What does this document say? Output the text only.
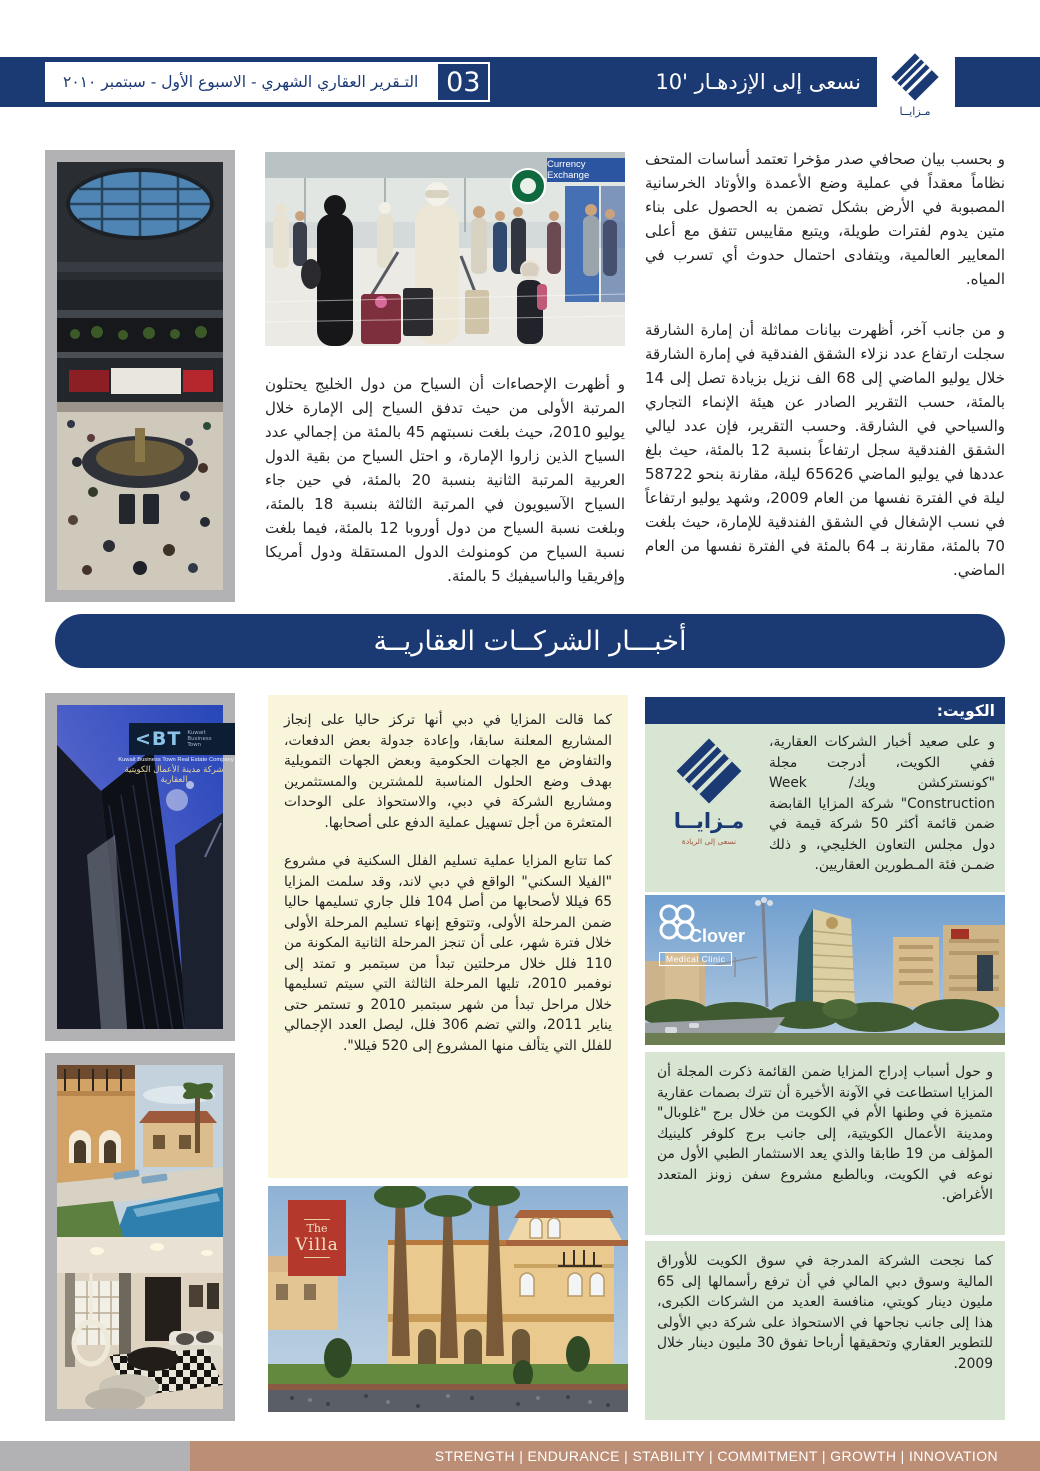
التـقرير العقاري الشهري - الاسبوع الأول - سبتمبر ٢٠١٠	03	نسعى إلى الإزدهـار '10
مـزايــا
Currency Exchange
و أظهرت الإحصاءات أن السياح من دول الخليج يحتلون المرتبة الأولى من حيث تدفق السياح إلى الإمارة خلال يوليو 2010، حيث بلغت نسبتهم 45 بالمئة من إجمالي عدد السياح الذين زاروا الإمارة، و احتل السياح من بقية الدول العربية المرتبة الثانية بنسبة 20 بالمئة، في حين جاء السياح الآسيويون في المرتبة الثالثة بنسبة 18 بالمئة، وبلغت نسبة السياح من دول أوروبا 12 بالمئة، فيما بلغت نسبة السياح من كومنولث الدول المستقلة ودول أمريكا وإفريقيا والباسيفيك 5 بالمئة.
و بحسب بيان صحافي صدر مؤخرا تعتمد أساسات المتحف نظاماً معقداً في عملية وضع الأعمدة والأوتاد الخرسانية المصبوبة في الأرض بشكل تضمن به الحصول على بناء متين يدوم لفترات طويلة، ويتبع مقاييس تتفق مع أعلى المعايير العالمية، ويتفادى احتمال حدوث أي تسرب في المياه.
و من جانب آخر، أظهرت بيانات مماثلة أن إمارة الشارقة سجلت ارتفاع عدد نزلاء الشقق الفندقية في إمارة الشارقة خلال يوليو الماضي إلى 68 الف نزيل بزيادة تصل إلى 14 بالمئة، حسب التقرير الصادر عن هيئة الإنماء التجاري والسياحي في الشارقة. وحسب التقرير، فإن عدد ليالي الشقق الفندقية سجل ارتفاعاً بنسبة 12 بالمئة، حيث بلغ عددها في يوليو الماضي 65626 ليلة، مقارنة بنحو 58722 ليلة في الفترة نفسها من العام 2009، وشهد يوليو ارتفاعاً في نسب الإشغال في الشقق الفندقية للإمارة، حيث بلغت 70 بالمئة، مقارنة بـ 64 بالمئة في الفترة نفسها من العام الماضي.
أخبـــار الشركــات العقاريــة
<BT Kuwait Business Town
Kuwait Business Town Real Estate Company
شركة مدينة الأعمال الكويتية العقارية

كما قالت المزايا في دبي أنها تركز حاليا على إنجاز المشاريع المعلنة سابقا، وإعادة جدولة بعض الدفعات، والتفاوض مع الجهات الحكومية وبعض الجهات التمويلية بهدف وضع الحلول المناسبة للمشترين والمستثمرين ومشاريع الشركة في دبي، والاستحواذ على الوحدات المتعثرة من أجل تسهيل عملية الدفع على أصحابها.

كما تتابع المزايا عملية تسليم الفلل السكنية في مشروع "الفيلا السكني" الواقع في دبي لاند، وقد سلمت المزايا 65 فيللا لأصحابها من أصل 104 فلل جاري تسليمها حاليا ضمن المرحلة الأولى، وتتوقع إنهاء تسليم المرحلة الأولى خلال فترة شهر، على أن تنجز المرحلة الثانية المكونة من 110 فلل خلال مرحلتين تبدأ من سبتمبر و تمتد إلى نوفمبر 2010، تليها المرحلة الثالثة التي سيتم تسليمها خلال مراحل تبدأ من شهر سبتمبر 2010 و تستمر حتى يناير 2011، والتي تضم 306 فلل، ليصل العدد الإجمالي للفلل التي يتألف منها المشروع إلى 520 فيللا".

The
Villa
الكويت:
مـزايــا
نسعى إلى الريادة

و على صعيد أخبار الشركات العقارية، ففي الكويت، أدرجت مجلة "كونستركشن ويك/ Week Construction" شركة المزايا القابضة ضمن قائمة أكثر 50 شركة قيمة في دول مجلس التعاون الخليجي، و ذلك ضمـن فئة المـطورين العقاريين.

Clover
Medical Clinic

و حول أسباب إدراج المزايا ضمن القائمة ذكرت المجلة أن المزايا استطاعت في الآونة الأخيرة أن تترك بصمات عقارية متميزة في وطنها الأم في الكويت من خلال برج "غلوبال" ومدينة الأعمال الكويتية، إلى جانب برج كلوفر كلينيك المؤلف من 19 طابقا والذي يعد الاستثمار الطبي الأول من نوعه في الكويت، وبالطبع مشروع سفن زونز المتعدد الأغراض.

كما نجحت الشركة المدرجة في سوق الكويت للأوراق المالية وسوق دبي المالي في أن ترفع رأسمالها إلى 65 مليون دينار كويتي، منافسة العديد من الشركات الكبرى، هذا إلى جانب نجاحها في الاستحواذ على شركة دبي الأولى للتطوير العقاري وتحقيقها أرباحا تفوق 30 مليون دينار خلال 2009.

STRENGTH | ENDURANCE | STABILITY | COMMITMENT | GROWTH | INNOVATION
